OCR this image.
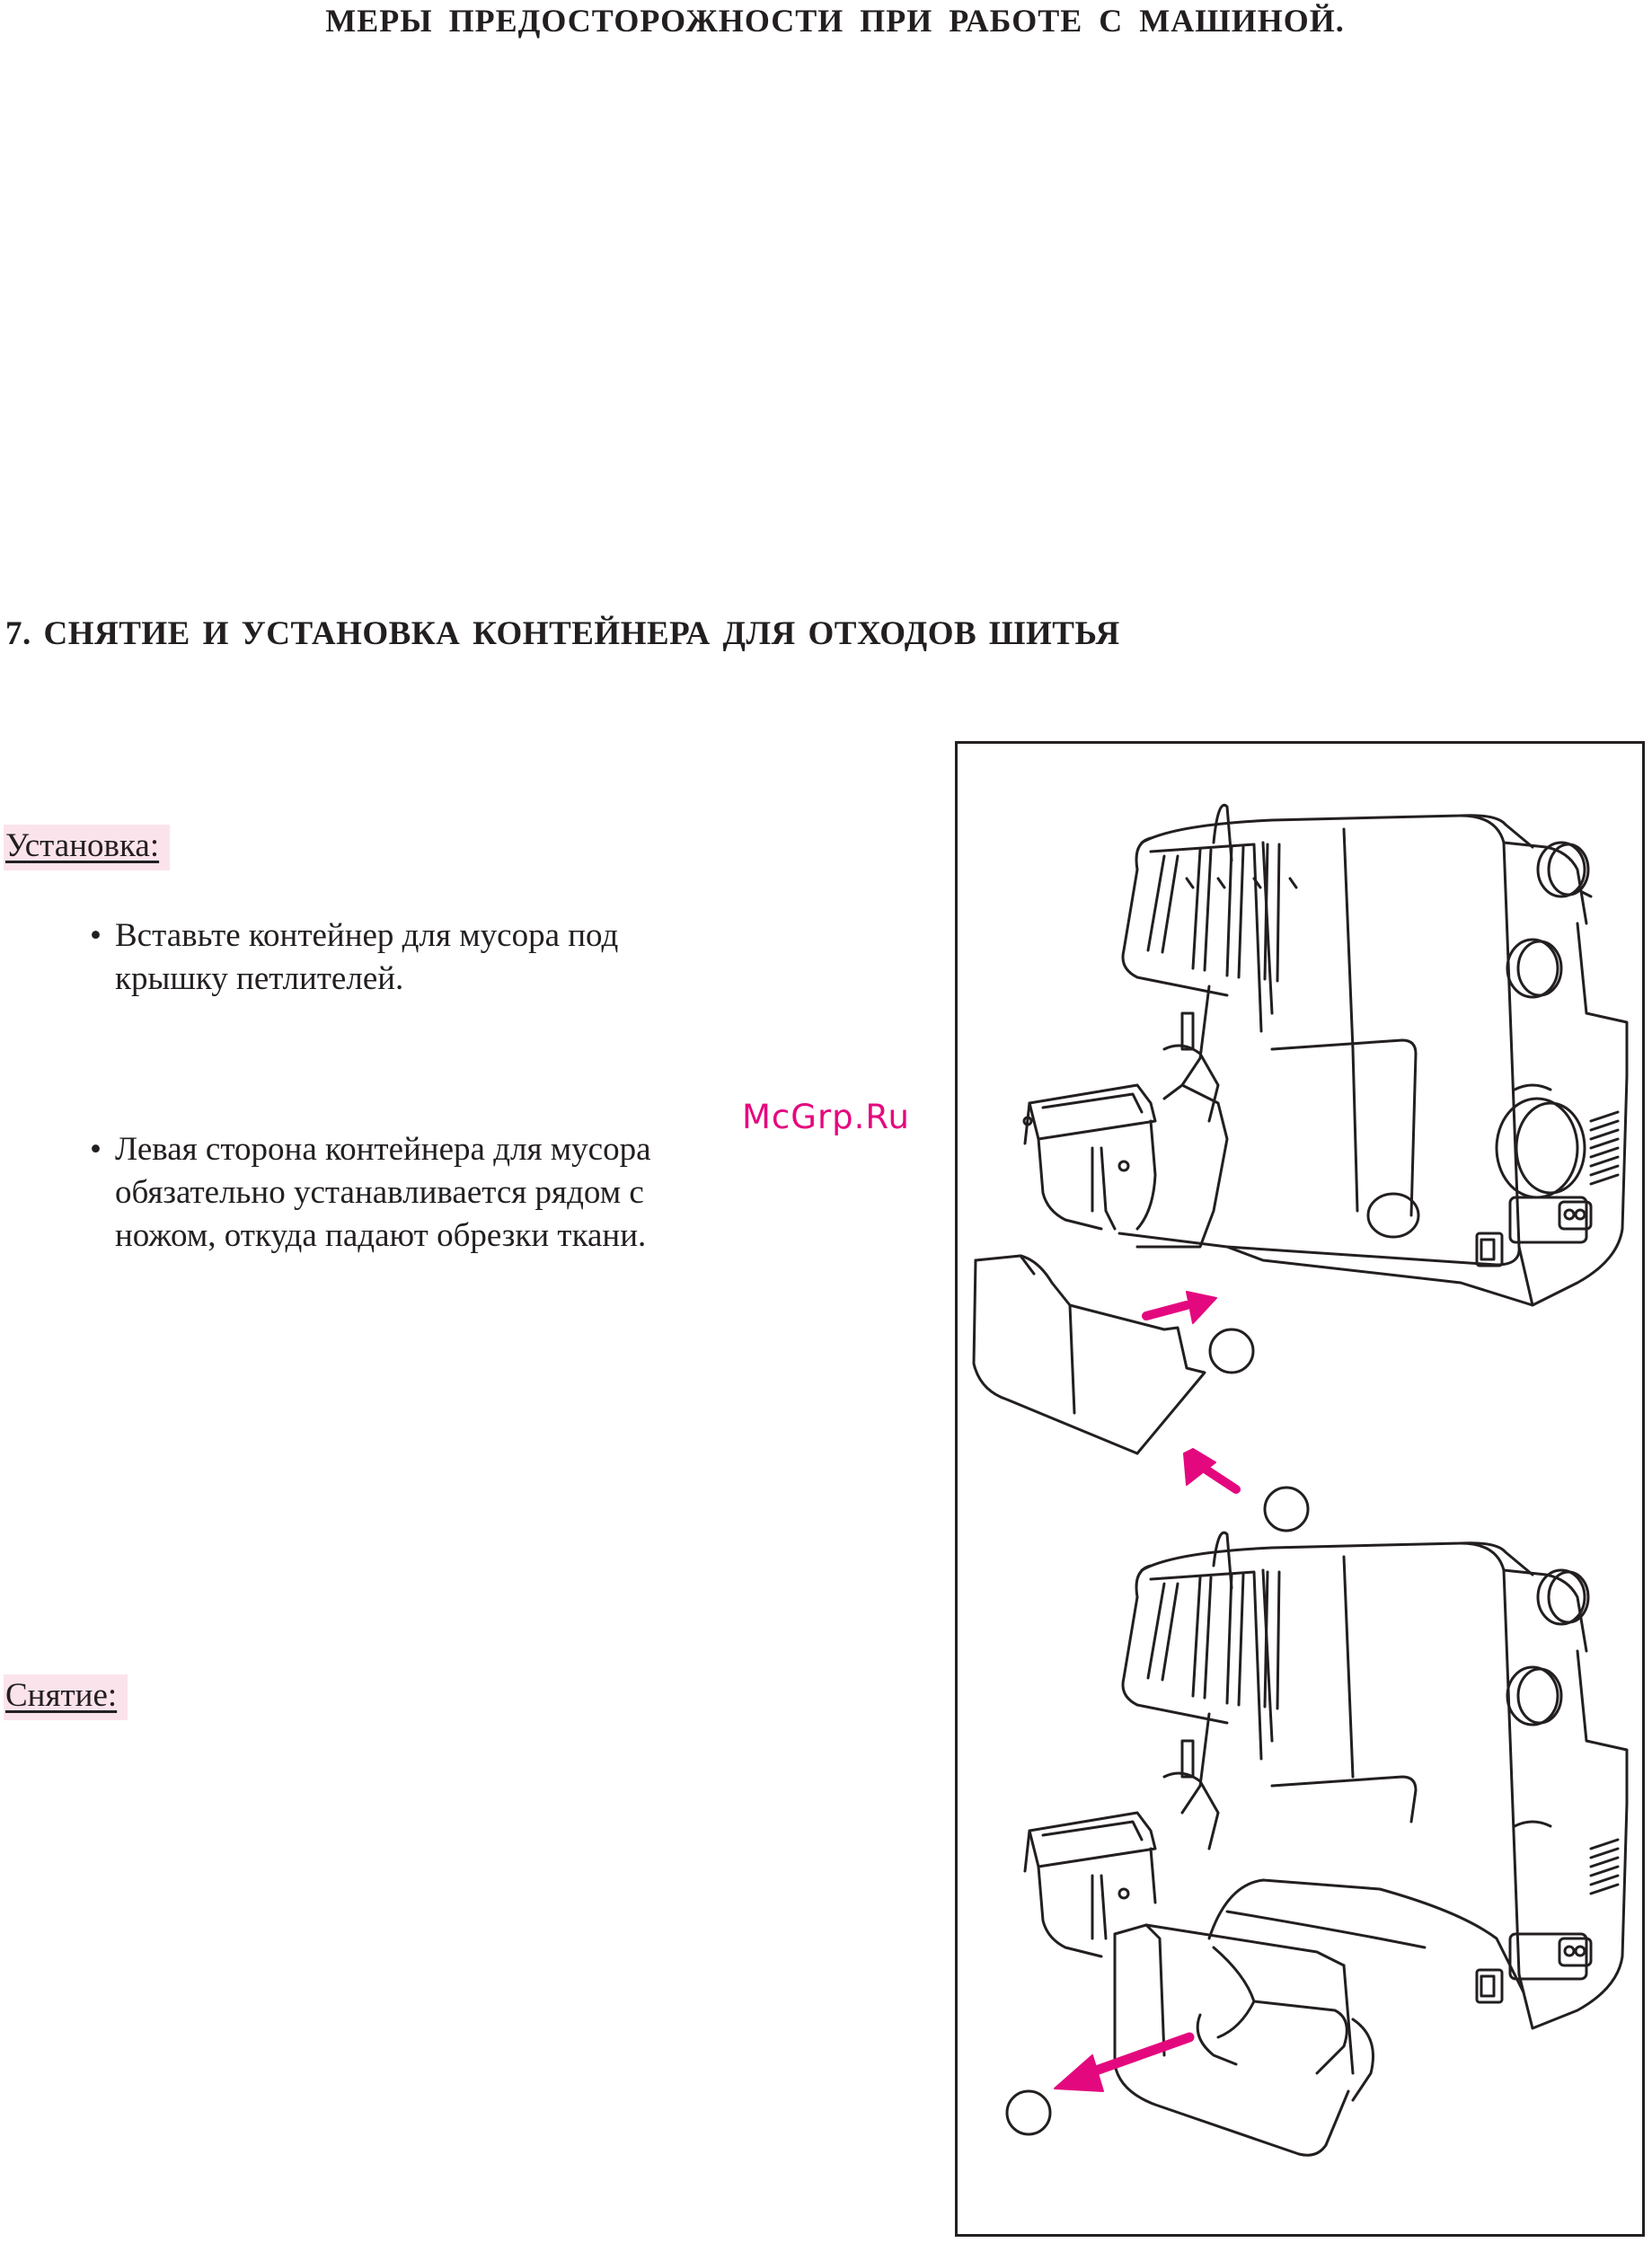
МЕРЫ ПРЕДОСТОРОЖНОСТИ ПРИ РАБОТЕ С МАШИНОЙ.
7. СНЯТИЕ И УСТАНОВКА КОНТЕЙНЕРА ДЛЯ ОТХОДОВ ШИТЬЯ
Установка:
• Вставьте контейнер для мусора под крышку петлителей.
• Левая сторона контейнера для мусора обязательно устанавливается рядом с ножом, откуда падают обрезки ткани.
McGrp.Ru
Снятие:
